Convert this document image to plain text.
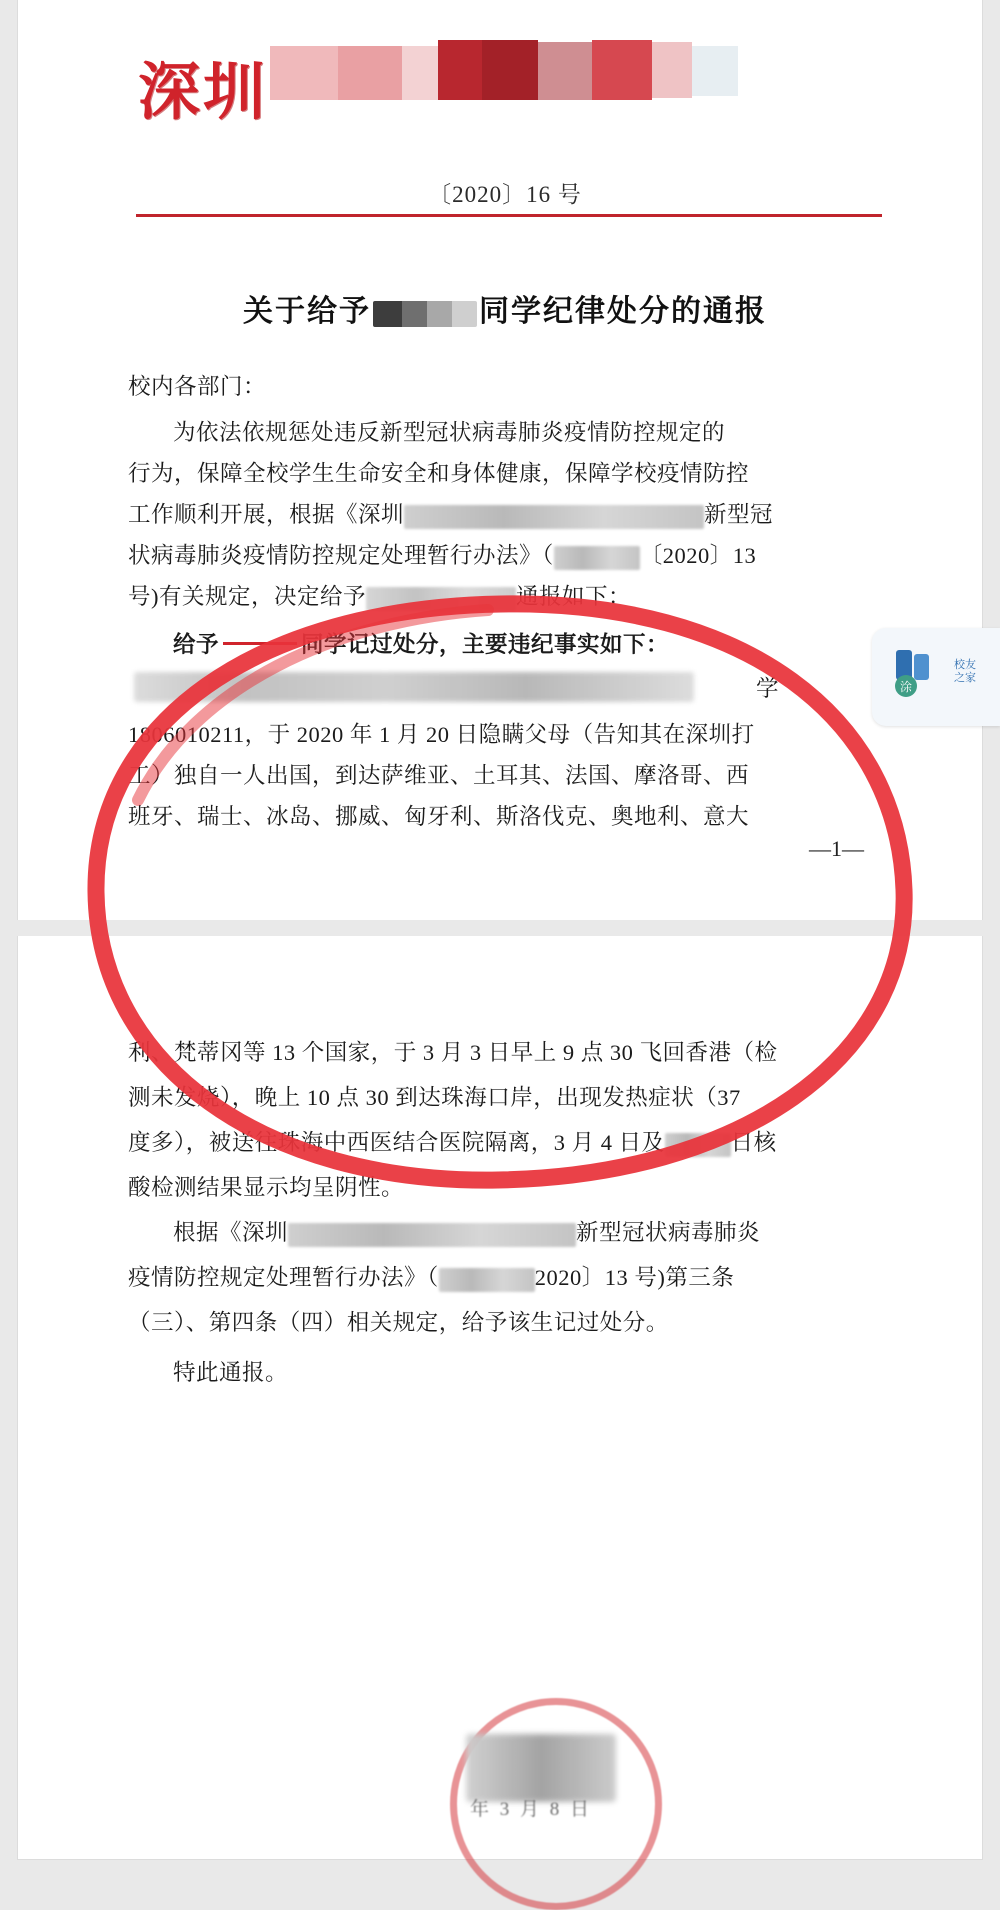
深圳
〔2020〕16 号
关于给予	同学纪律处分的通报
校内各部门：
为依法依规惩处违反新型冠状病毒肺炎疫情防控规定的
行为，保障全校学生生命安全和身体健康，保障学校疫情防控
工作顺利开展，根据《深圳	新型冠
状病毒肺炎疫情防控规定处理暂行办法》（	〔2020〕13
号)有关规定，决定给予	通报如下：
给予	同学记过处分，主要违纪事实如下：
学
1806010211，于 2020 年 1 月 20 日隐瞒父母（告知其在深圳打
工）独自一人出国，到达萨维亚、土耳其、法国、摩洛哥、西
班牙、瑞士、冰岛、挪威、匈牙利、斯洛伐克、奥地利、意大
—1—
利、梵蒂冈等 13 个国家，于 3 月 3 日早上 9 点 30 飞回香港（检
测未发烧），晚上 10 点 30 到达珠海口岸，出现发热症状（37
度多），被送往珠海中西医结合医院隔离，3 月 4 日及	日核
酸检测结果显示均呈阴性。
根据《深圳	新型冠状病毒肺炎
疫情防控规定处理暂行办法》（	2020〕13 号)第三条
（三）、第四条（四）相关规定，给予该生记过处分。
特此通报。
涂
校友
之家
年 3 月 8 日
